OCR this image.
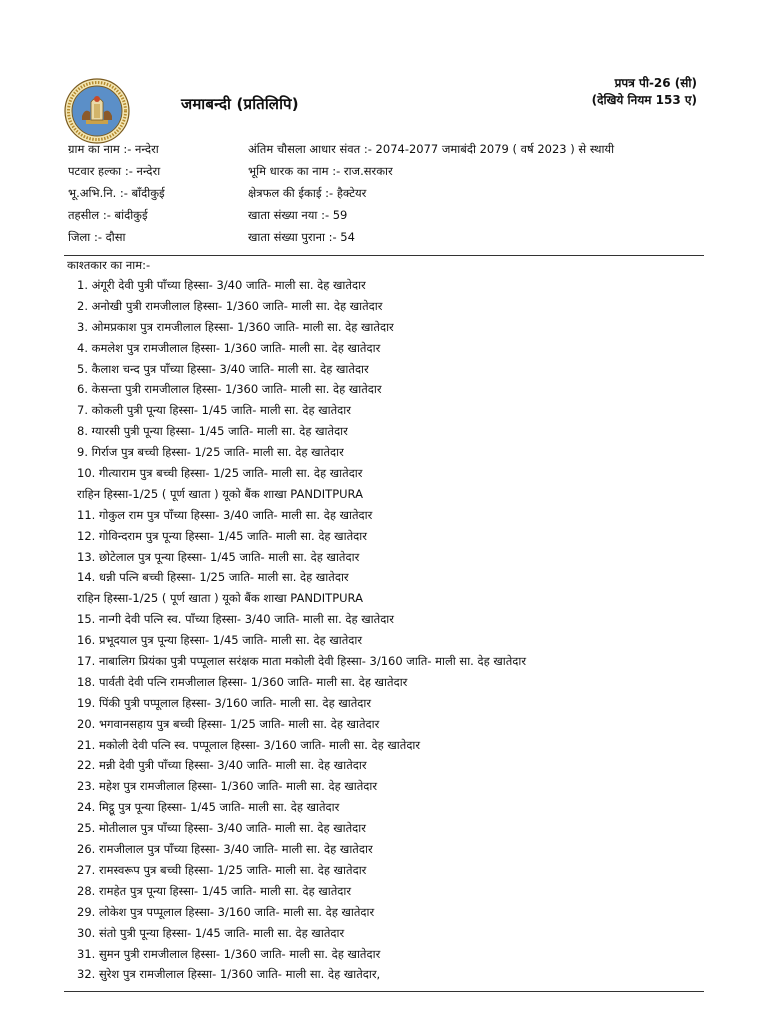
जमाबन्दी (प्रतिलिपि)
प्रपत्र पी-26 (सी)
(देखिये नियम 153 ए)
ग्राम का नाम :- नन्देरा
पटवार हल्का :- नन्देरा
भू.अभि.नि. :- बाँदीकुई
तहसील :- बांदीकुई
जिला :- दौसा
अंतिम चौसला आधार संवत :- 2074-2077 जमाबंदी 2079 ( वर्ष 2023 ) से स्थायी
भूमि धारक का नाम :- राज.सरकार
क्षेत्रफल की ईकाई :- हैक्टेयर
खाता संख्या नया :- 59
खाता संख्या पुराना :- 54
काश्तकार का नाम:-
1. अंगूरी देवी पुत्री पाँच्या हिस्सा- 3/40 जाति- माली सा. देह खातेदार
2. अनोखी पुत्री रामजीलाल हिस्सा- 1/360 जाति- माली सा. देह खातेदार
3. ओमप्रकाश पुत्र रामजीलाल हिस्सा- 1/360 जाति- माली सा. देह खातेदार
4. कमलेश पुत्र रामजीलाल हिस्सा- 1/360 जाति- माली सा. देह खातेदार
5. कैलाश चन्द पुत्र पाँच्या हिस्सा- 3/40 जाति- माली सा. देह खातेदार
6. केसन्ता पुत्री रामजीलाल हिस्सा- 1/360 जाति- माली सा. देह खातेदार
7. कोकली पुत्री पून्या हिस्सा- 1/45 जाति- माली सा. देह खातेदार
8. ग्यारसी पुत्री पून्या हिस्सा- 1/45 जाति- माली सा. देह खातेदार
9. गिर्राज पुत्र बच्ची हिस्सा- 1/25 जाति- माली सा. देह खातेदार
10. गीत्याराम पुत्र बच्ची हिस्सा- 1/25 जाति- माली सा. देह खातेदार
राहिन हिस्सा-1/25 ( पूर्ण खाता ) यूको बैंक शाखा PANDITPURA
11. गोकुल राम पुत्र पाँच्या हिस्सा- 3/40 जाति- माली सा. देह खातेदार
12. गोविन्दराम पुत्र पून्या हिस्सा- 1/45 जाति- माली सा. देह खातेदार
13. छोटेलाल पुत्र पून्या हिस्सा- 1/45 जाति- माली सा. देह खातेदार
14. धन्नी पत्नि बच्ची हिस्सा- 1/25 जाति- माली सा. देह खातेदार
राहिन हिस्सा-1/25 ( पूर्ण खाता ) यूको बैंक शाखा PANDITPURA
15. नान्गी देवी पत्नि स्व. पाँच्या हिस्सा- 3/40 जाति- माली सा. देह खातेदार
16. प्रभूदयाल पुत्र पून्या हिस्सा- 1/45 जाति- माली सा. देह खातेदार
17. नाबालिग प्रियंका पुत्री पप्पूलाल सरंक्षक माता मकोली देवी हिस्सा- 3/160 जाति- माली सा. देह खातेदार
18. पार्वती देवी पत्नि रामजीलाल हिस्सा- 1/360 जाति- माली सा. देह खातेदार
19. पिंकी पुत्री पप्पूलाल हिस्सा- 3/160 जाति- माली सा. देह खातेदार
20. भगवानसहाय पुत्र बच्ची हिस्सा- 1/25 जाति- माली सा. देह खातेदार
21. मकोली देवी पत्नि स्व. पप्पूलाल हिस्सा- 3/160 जाति- माली सा. देह खातेदार
22. मन्नी देवी पुत्री पाँच्या हिस्सा- 3/40 जाति- माली सा. देह खातेदार
23. महेश पुत्र रामजीलाल हिस्सा- 1/360 जाति- माली सा. देह खातेदार
24. मिट्ठू पुत्र पून्या हिस्सा- 1/45 जाति- माली सा. देह खातेदार
25. मोतीलाल पुत्र पाँच्या हिस्सा- 3/40 जाति- माली सा. देह खातेदार
26. रामजीलाल पुत्र पाँच्या हिस्सा- 3/40 जाति- माली सा. देह खातेदार
27. रामस्वरूप पुत्र बच्ची हिस्सा- 1/25 जाति- माली सा. देह खातेदार
28. रामहेत पुत्र पून्या हिस्सा- 1/45 जाति- माली सा. देह खातेदार
29. लोकेश पुत्र पप्पूलाल हिस्सा- 3/160 जाति- माली सा. देह खातेदार
30. संतो पुत्री पून्या हिस्सा- 1/45 जाति- माली सा. देह खातेदार
31. सुमन पुत्री रामजीलाल हिस्सा- 1/360 जाति- माली सा. देह खातेदार
32. सुरेश पुत्र रामजीलाल हिस्सा- 1/360 जाति- माली सा. देह खातेदार,
